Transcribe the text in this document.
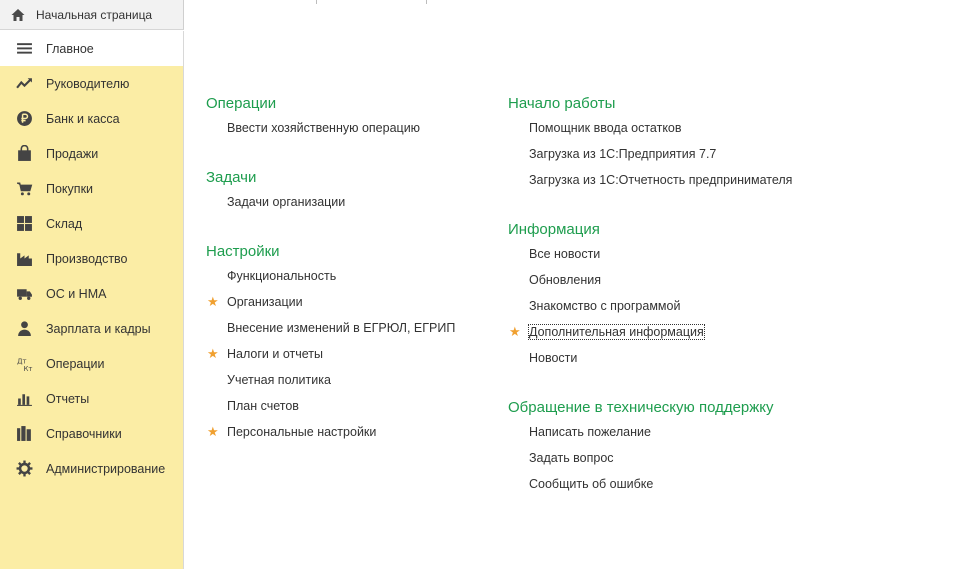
Начальная страница
Главное
Руководителю
Банк и касса
Продажи
Покупки
Склад
Производство
ОС и НМА
Зарплата и кадры
Дт
Кт Операции
Отчеты
Справочники
Администрирование
Операции
Ввести хозяйственную операцию
Задачи
Задачи организации
Настройки
Функциональность
★ Организации
Внесение изменений в ЕГРЮЛ, ЕГРИП
★ Налоги и отчеты
Учетная политика
План счетов
★ Персональные настройки
Начало работы
Помощник ввода остатков
Загрузка из 1С:Предприятия 7.7
Загрузка из 1С:Отчетность предпринимателя
Информация
Все новости
Обновления
Знакомство с программой
★ Дополнительная информация
Новости
Обращение в техническую поддержку
Написать пожелание
Задать вопрос
Сообщить об ошибке
